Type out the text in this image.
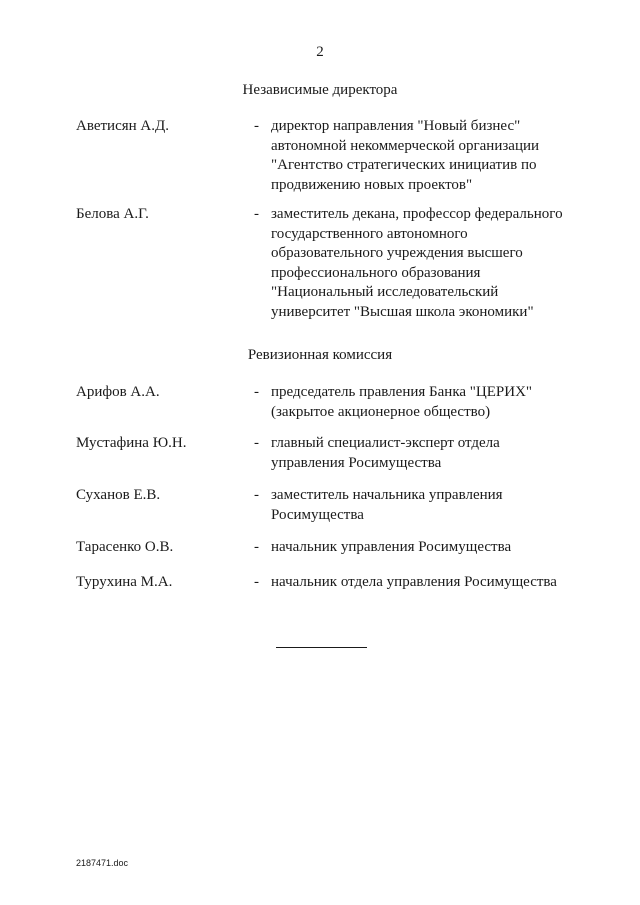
2
Независимые директора
Аветисян А.Д.	- директор направления "Новый бизнес"
автономной некоммерческой организации
"Агентство стратегических инициатив по
продвижению новых проектов"
Белова А.Г.	- заместитель декана, профессор федерального
государственного автономного
образовательного учреждения высшего
профессионального образования
"Национальный исследовательский
университет "Высшая школа экономики"
Ревизионная комиссия
Арифов А.А.	- председатель правления Банка "ЦЕРИХ"
(закрытое акционерное общество)
Мустафина Ю.Н.	- главный специалист-эксперт отдела
управления Росимущества
Суханов Е.В.	- заместитель начальника управления
Росимущества
Тарасенко О.В.	- начальник управления Росимущества
Турухина М.А.	- начальник отдела управления Росимущества
2187471.doc
